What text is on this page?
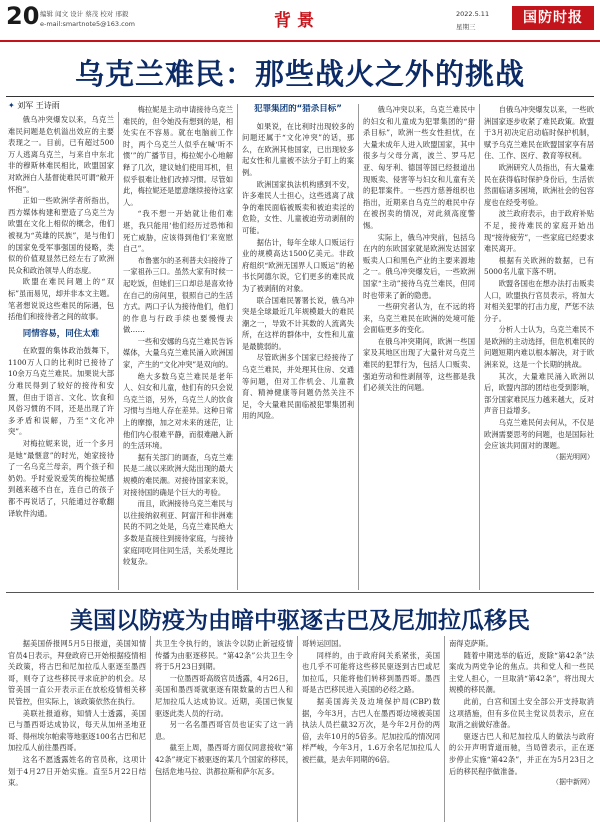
20 编辑 闻文 设计 蔡茂 校对 邢毅
e-mail:smartnote5@163.com	背景	2022.5.11
星期三
国防时报
乌克兰难民：那些战火之外的挑战
✦ 刘军 王诗雨

俄乌冲突爆发以来，乌克兰难民问题是危机溢出效应的主要表现之一。目前，已有超过500万人逃离乌克兰，与来自中东北非的穆斯林难民相比，欧盟国家对欧洲白人基督徒难民可谓“敞开怀抱”。

正如一些欧洲学者所指出，西方媒体构建和塑造了乌克兰为欧盟在文化上相似的概念，他们被视为“英雄的民族”，是与他们的国家免受军事强国的侵略，类似的价值观显然已经左右了欧洲民众和政治领导人的态度。

欧盟在难民问题上的“双标”虽而易见，却并非本文主题。笔者想说说这些难民的际遇，包括他们和接待者之间的故事。

同情容易，同住太难

在欧盟的集体政治鼓舞下，1100万人口的比利时已接待了10余万乌克兰难民。加果说大部分难民得到了较好的接待和安置，但由于语言、文化、饮食和风俗习惯的不同，还是出现了许多矛盾和误解，乃至“文化冲突”。

对梅拉妮来说，近一个多月是她“最惬意”的时光，她家接待了一名乌克兰母亲，两个孩子和奶奶。乎时爱说爱笑的梅拉妮感到越来越不自在，连自己的孩子都不再说话了，只能通过谷歌翻译软件沟通。

梅拉妮是主动申请接待乌克兰难民的，但令她没有想到的是，相处实在不容易。就在电脑前工作时，两个乌克兰人似乎在喊‘听不惯’”的广播节目，梅拉妮小心地解释了几次，建议她们使用耳机，但似乎很难让他们改掉习惯。尽管如此，梅拉妮还是愿意继续接待这家人。

“我不想一开始就让他们难堪，我只能用‘他们经历过恐怖和死亡威胁，应该得到他们’来宽慰自己”。

布鲁塞尔的圣利普夫妇接待了一家祖孙三口。虽然大家有时候一起吃饭，但她们三口却总是喜欢待在自己的房间里，很照自己的生活方式。两口子认为接待他们，他们的作息与行政手续也要慢慢去做……

一些和安娜的乌克兰难民告诉媒体，大量乌克兰难民涌入欧洲国家，产生的“文化冲突”是双向的。

绝大多数乌克兰难民是老年人、妇女和儿童，他们有的只会说乌克兰语，另外，乌克兰人的饮食习惯与当地人存在差异。这种日常上的摩擦，加之对未来的迷茫，让他们内心很难平静，而很难融入新的生活环境。

据有关部门的调查，乌克兰难民是二战以来欧洲大陆出现的最大规模的难民潮。对接待国家来说，对接待国的确是个巨大的考验。

而且，欧洲接待乌克兰难民与以往接纳叙利亚、阿富汗和非洲难民的不同之处是，乌克兰难民绝大多数是直接往到接待家庭，与接待家庭同吃同住同生活，关系处理比较复杂。

犯罪集团的“猎杀目标”

如果说，在比利时出现较多的问题还属于“文化冲突”的话，那么，在欧洲其他国家，已出现较多起女性和儿童被不法分子盯上的案例。

欧洲国家执法机构感到不安，许多难民人士担心，这些逃离了战争的难民面临被贩卖和被迫卖淫的危险，女性、儿童被迫劳动剥削的可能。

据估计，每年全球人口贩运行业的规模高达1500亿美元。非政府组织“欧洲无国界人口贩运”的秘书长阿德尔说，它们更多的难民成为了被剥削的对象。

联合国难民署署长说，俄乌冲突是全球最近几年规模最大的难民潮之一，导致不计其数的人流离失所，在这样的群体中，女性和儿童是最脆弱的。

尽管欧洲多个国家已经接待了乌克兰难民，并处理其住房、交通等问题，但对工作机会、儿童教育、精神健康等问题仍然关注不足，令大量难民面临被犯罪集团利用的风险。

俄乌冲突以来，乌克兰难民中的妇女和儿童成为犯罪集团的“猎杀目标”，欧洲一些女性担忧，在大量未成年人进入欧盟国家，其中很多与父母分离，波兰、罗马尼亚、匈牙利、德国等国已经报道出现贩卖、侵害等与妇女和儿童有关的犯罪案件。一些西方慈善组织也指出，近期来自乌克兰的难民中存在被拐卖的情况，对此须高度警惕。

实际上，俄乌冲突前，包括乌在内的东欧国家就是欧洲发达国家贩卖人口和黑色产业的主要来源地之一。俄乌冲突爆发后，一些欧洲国家“主动”接待乌克兰难民，但同时也带来了新的隐患。

一些研究者认为，在不远的将来，乌克兰难民在欧洲的处境可能会面临更多的变化。

在俄乌冲突期间，欧洲一些国家及其地区出现了大量针对乌克兰难民的犯罪行为，包括人口贩卖、强迫劳动和性剥削等，这些都是我们必须关注的问题。

自俄乌冲突爆发以来，一些欧洲国家逐步收紧了难民政策。欧盟于3月初决定启动临时保护机制，赋予乌克兰难民在欧盟国家享有居住、工作、医疗、教育等权利。

欧洲研究人员指出，有大量难民在获得临时保护身份后，生活依然面临诸多困境，欧洲社会的包容度也在经受考验。

波兰政府表示，由于政府补贴不足，接待难民的家庭开始出现“接待疲劳”，一些家庭已经要求难民离开。

根据有关欧洲的数据，已有5000名儿童下落不明。

欧盟各国也在想办法打击贩卖人口，欧盟执行官员表示，将加大对相关犯罪的打击力度，严惩不法分子。

分析人士认为，乌克兰难民不是欧洲的主动选择，但危机难民的问题短期内难以根本解决，对于欧洲来说，这是一个长期的挑战。

其次，大量难民涌入欧洲以后，欧盟内部的团结也受到影响，部分国家难民压力越来越大，反对声音日益增多。

乌克兰难民何去何从，不仅是欧洲需要思考的问题，也是国际社会应该共同面对的课题。

（据光明网）

美国以防疫为由暗中驱逐古巴及尼加拉瓜移民

据美国侨报网5月5日报道，美国知情官员4日表示，拜登政府已开始根据疫情相关政策，将古巴和尼加拉瓜人驱逐至墨西哥，则夺了这些移民寻求庇护的机会。尽管美国一直公开表示正在放松疫情相关移民管控，但实际上，该政策依然在执行。

美联社报道称，知情人士透露，美国已与墨西哥达成协议，每天从加州圣地亚哥、得州埃尔帕索等地驱逐100名古巴和尼加拉瓜人前往墨西哥。

这名不愿透露姓名的官员称，这项计划于4月27日开始实施。直至5月22日结束。

共卫生令执行的，该法令以防止新冠疫情传播为由驱逐移民。“第42条”公共卫生令将于5月23日到期。

一位墨西哥高级官员透露，4月26日，美国和墨西哥就驱逐有限数量的古巴人和尼加拉瓜人达成协议。近期，美国已恢复驱逐此类人员的行动。

另一名名墨西哥官员也证实了这一消息。

截至上周，墨西哥方面仅同意接收“第42条”规定下被驱逐的某几个国家的移民，包括危地马拉、洪都拉斯和萨尔瓦多。

哥转运回国。

同样的，由于政府间关系紧张，美国也几乎不可能将这些移民驱逐到古巴或尼加拉瓜，只能将他们转移到墨西哥。墨西哥是古巴移民进入美国的必经之路。

据美国海关及边境保护局(CBP)数据，今年3月，古巴人在墨西哥边境被美国执法人员拦截32万次，是今年2月份的两倍，去年10月的5倍多。尼加拉瓜的情况同样严峻，今年3月，1.6万余名尼加拉瓜人被拦截，是去年同期的6倍。

南得克萨斯。

随着中期选举的临近，废除“第42条”法案成为两党争论的焦点。共和党人和一些民主党人担心，一旦取消“第42条”，将出现大规模的移民潮。

此前，白宫和国土安全部公开支持取消这项措施，但有多位民主党议员表示，应在取消之前做好准备。

驱逐古巴人和尼加拉瓜人的做法与政府的公开声明背道而驰，当局曾表示，正在逐步停止实施“第42条”，并正在为5月23日之后的移民程序做准备。

（据中新网）
